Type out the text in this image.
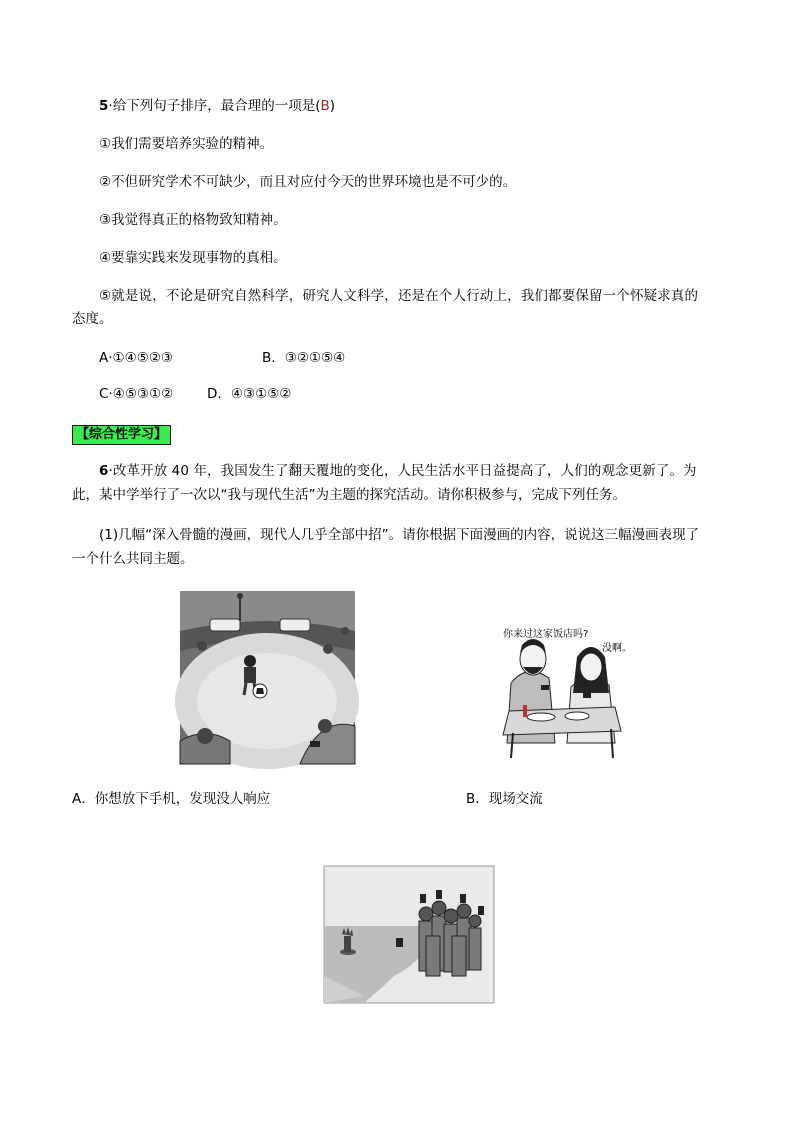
5·给下列句子排序，最合理的一项是(B)
①我们需要培养实验的精神。
②不但研究学术不可缺少，而且对应付今天的世界环境也是不可少的。
③我觉得真正的格物致知精神。
④要靠实践来发现事物的真相。
⑤就是说，不论是研究自然科学，研究人文科学，还是在个人行动上，我们都要保留一个怀疑求真的
态度。
A·①④⑤②③	B．③②①⑤④
C·④⑤③①②	D．④③①⑤②
【综合性学习】
6·改革开放 40 年，我国发生了翻天覆地的变化，人民生活水平日益提高了，人们的观念更新了。为
此，某中学举行了一次以“我与现代生活”为主题的探究活动。请你积极参与，完成下列任务。
(1)几幅“深入骨髓的漫画，现代人几乎全部中招”。请你根据下面漫画的内容，说说这三幅漫画表现了
一个什么共同主题。
你来过这家饭店吗?
没啊。
A．你想放下手机，发现没人响应	B．现场交流
